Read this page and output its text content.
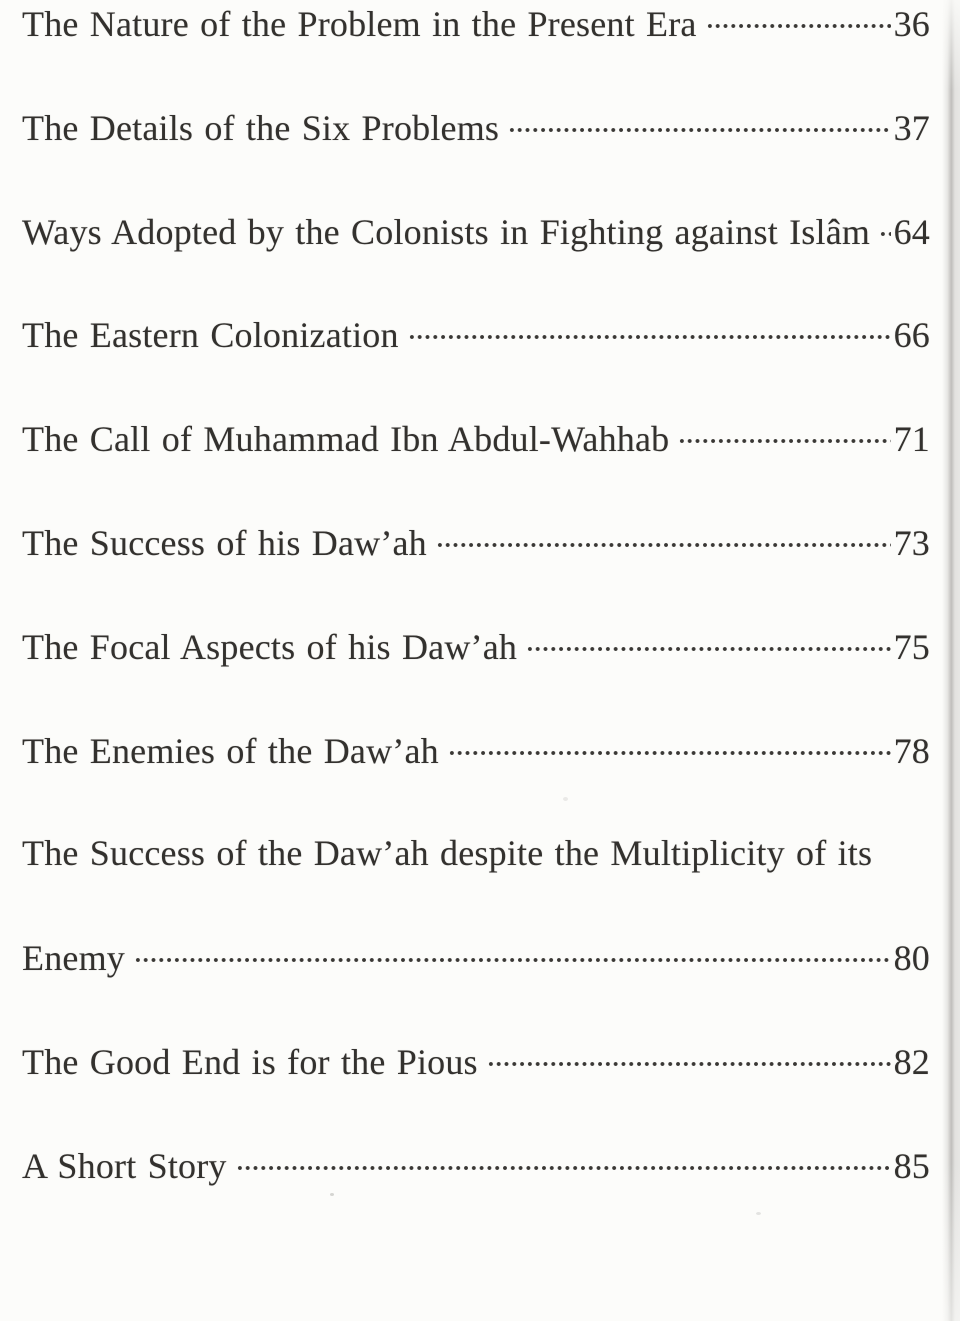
The Nature of the Problem in the Present Era	36
The Details of the Six Problems	37
Ways Adopted by the Colonists in Fighting against Islâm 64
The Eastern Colonization	66
The Call of Muhammad Ibn Abdul-Wahhab	71
The Success of his Daw’ah	73
The Focal Aspects of his Daw’ah	75
The Enemies of the Daw’ah	78
The Success of the Daw’ah despite the Multiplicity of its
Enemy	80
The Good End is for the Pious	82
A Short Story	85
